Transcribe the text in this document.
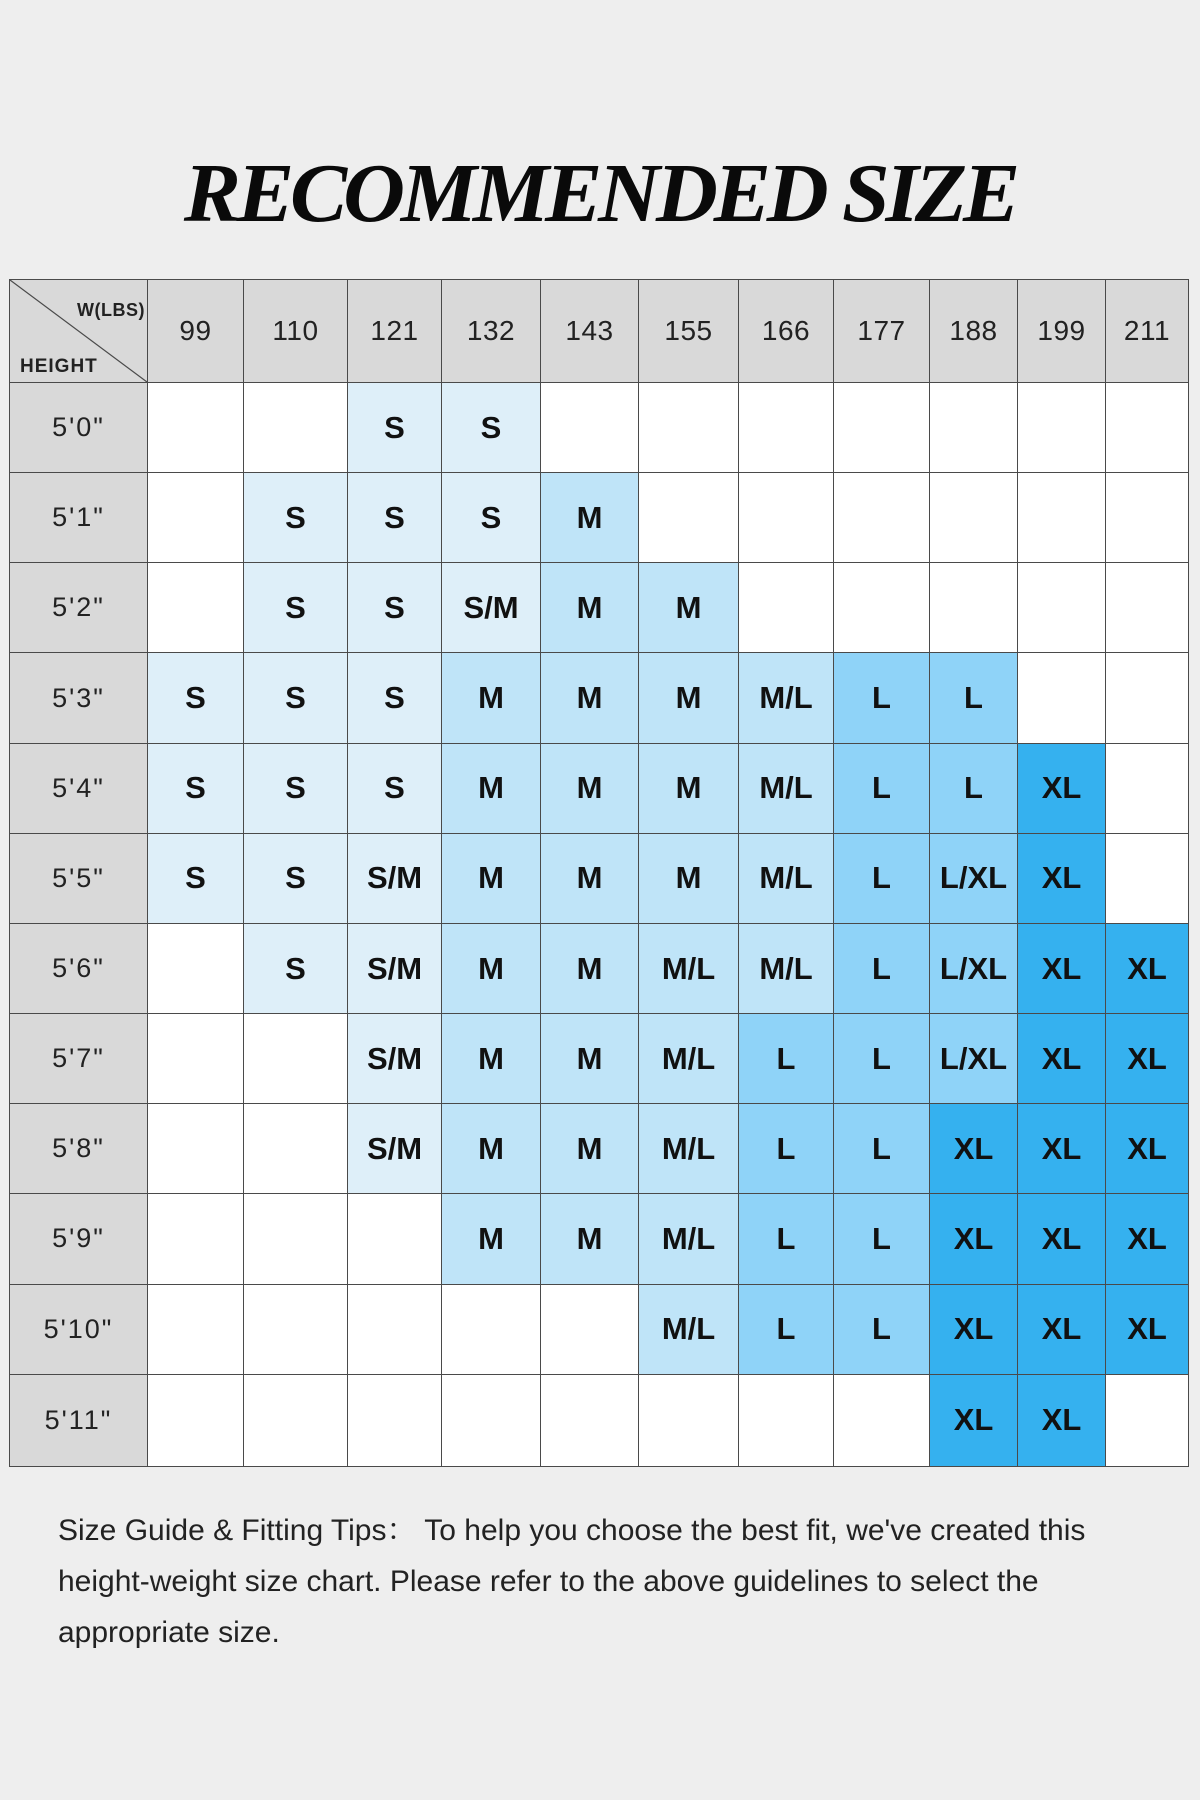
RECOMMENDED SIZE
W(LBS)
HEIGHT	99	110	121	132	143	155	166	177	188	199	211
5'0"			S	S							
5'1"		S	S	S	M						
5'2"		S	S	S/M	M	M					
5'3"	S	S	S	M	M	M	M/L	L	L		
5'4"	S	S	S	M	M	M	M/L	L	L	XL	
5'5"	S	S	S/M	M	M	M	M/L	L	L/XL	XL	
5'6"		S	S/M	M	M	M/L	M/L	L	L/XL	XL	XL
5'7"			S/M	M	M	M/L	L	L	L/XL	XL	XL
5'8"			S/M	M	M	M/L	L	L	XL	XL	XL
5'9"				M	M	M/L	L	L	XL	XL	XL
5'10"						M/L	L	L	XL	XL	XL
5'11"									XL	XL	
Size Guide & Fitting Tips： To help you choose the best fit, we've created this height-weight size chart. Please refer to the above guidelines to select the appropriate size.
